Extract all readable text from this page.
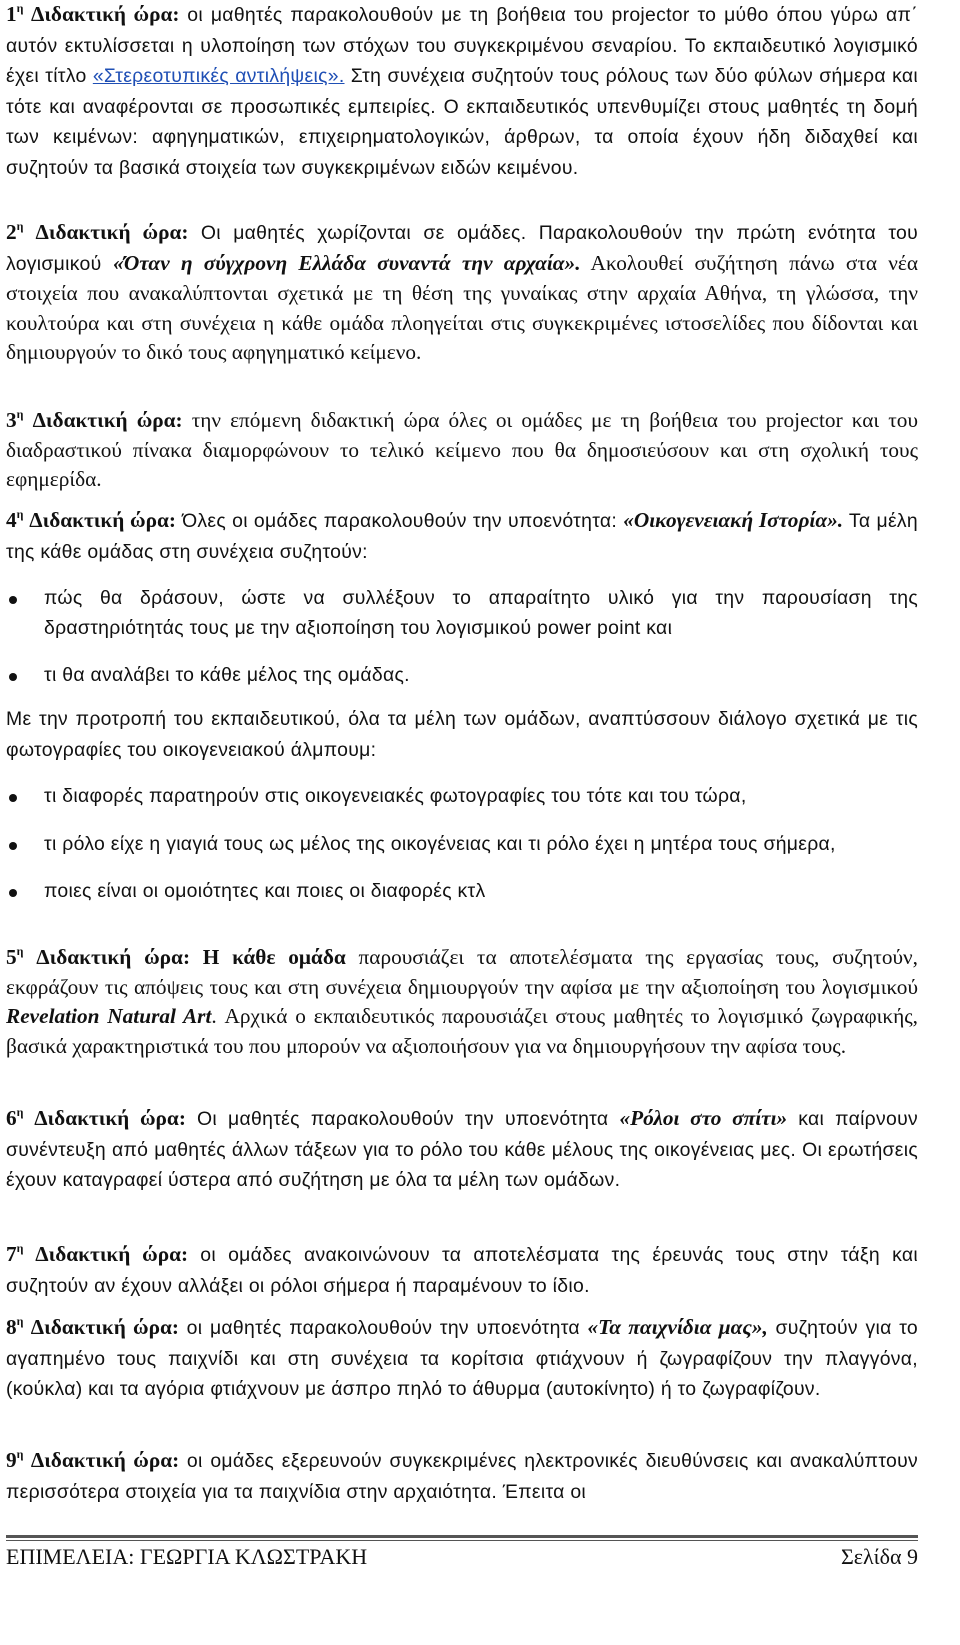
$1^\eta$ Διδακτική ώρα: οι μαθητές παρακολουθούν με τη βοήθεια του projector το μύθο όπου γύρω απ΄ αυτόν εκτυλίσσεται η υλοποίηση των στόχων του συγκεκριμένου σεναρίου. Το εκπαιδευτικό λογισμικό έχει τίτλο «Στερεοτυπικές αντιλήψεις». Στη συνέχεια συζητούν τους ρόλους των δύο φύλων σήμερα και τότε και αναφέρονται σε προσωπικές εμπειρίες. Ο εκπαιδευτικός υπενθυμίζει στους μαθητές τη δομή των κειμένων: αφηγηματικών, επιχειρηματολογικών, άρθρων, τα οποία έχουν ήδη διδαχθεί και συζητούν τα βασικά στοιχεία των συγκεκριμένων ειδών κειμένου.

$2^\eta$ Διδακτική ώρα: Οι μαθητές χωρίζονται σε ομάδες. Παρακολουθούν την πρώτη ενότητα του λογισμικού «Όταν η σύγχρονη Ελλάδα συναντά την αρχαία». Ακολουθεί συζήτηση πάνω στα νέα στοιχεία που ανακαλύπτονται σχετικά με τη θέση της γυναίκας στην αρχαία Αθήνα, τη γλώσσα, την κουλτούρα και στη συνέχεια η κάθε ομάδα πλοηγείται στις συγκεκριμένες ιστοσελίδες που δίδονται και δημιουργούν το δικό τους αφηγηματικό κείμενο.

$3^\eta$ Διδακτική ώρα: την επόμενη διδακτική ώρα όλες οι ομάδες με τη βοήθεια του projector και του διαδραστικού πίνακα διαμορφώνουν το τελικό κείμενο που θα δημοσιεύσουν και στη σχολική τους εφημερίδα.

$4^\eta$ Διδακτική ώρα: Όλες οι ομάδες παρακολουθούν την υποενότητα: «Οικογενειακή Ιστορία». Τα μέλη της κάθε ομάδας στη συνέχεια συζητούν:

πώς θα δράσουν, ώστε να συλλέξουν το απαραίτητο υλικό για την παρουσίαση της δραστηριότητάς τους με την αξιοποίηση του λογισμικού power point και
τι θα αναλάβει το κάθε μέλος της ομάδας.

Με την προτροπή του εκπαιδευτικού, όλα τα μέλη των ομάδων, αναπτύσσουν διάλογο σχετικά με τις φωτογραφίες του οικογενειακού άλμπουμ:

τι διαφορές παρατηρούν στις οικογενειακές φωτογραφίες του τότε και του τώρα,
τι ρόλο είχε η γιαγιά τους ως μέλος της οικογένειας και τι ρόλο έχει η μητέρα τους σήμερα,
ποιες είναι οι ομοιότητες και ποιες οι διαφορές κτλ

$5^\eta$ Διδακτική ώρα: Η κάθε ομάδα παρουσιάζει τα αποτελέσματα της εργασίας τους, συζητούν, εκφράζουν τις απόψεις τους και στη συνέχεια δημιουργούν την αφίσα με την αξιοποίηση του λογισμικού Revelation Natural Art. Αρχικά ο εκπαιδευτικός παρουσιάζει στους μαθητές το λογισμικό ζωγραφικής, βασικά χαρακτηριστικά του που μπορούν να αξιοποιήσουν για να δημιουργήσουν την αφίσα τους.

$6^\eta$ Διδακτική ώρα: Οι μαθητές παρακολουθούν την υποενότητα «Ρόλοι στο σπίτι» και παίρνουν συνέντευξη από μαθητές άλλων τάξεων για το ρόλο του κάθε μέλους της οικογένειας μες. Οι ερωτήσεις έχουν καταγραφεί ύστερα από συζήτηση με όλα τα μέλη των ομάδων.

$7^\eta$ Διδακτική ώρα: οι ομάδες ανακοινώνουν τα αποτελέσματα της έρευνάς τους στην τάξη και συζητούν αν έχουν αλλάξει οι ρόλοι σήμερα ή παραμένουν το ίδιο.

$8^\eta$ Διδακτική ώρα: οι μαθητές παρακολουθούν την υποενότητα «Τα παιχνίδια μας», συζητούν για το αγαπημένο τους παιχνίδι και στη συνέχεια τα κορίτσια φτιάχνουν ή ζωγραφίζουν την πλαγγόνα, (κούκλα) και τα αγόρια φτιάχνουν με άσπρο πηλό το άθυρμα (αυτοκίνητο) ή το ζωγραφίζουν.

$9^\eta$ Διδακτική ώρα: οι ομάδες εξερευνούν συγκεκριμένες ηλεκτρονικές διευθύνσεις και ανακαλύπτουν περισσότερα στοιχεία για τα παιχνίδια στην αρχαιότητα. Έπειτα οι

ΕΠΙΜΕΛΕΙΑ: ΓΕΩΡΓΙΑ ΚΛΩΣΤΡΑΚΗ	Σελίδα 9
